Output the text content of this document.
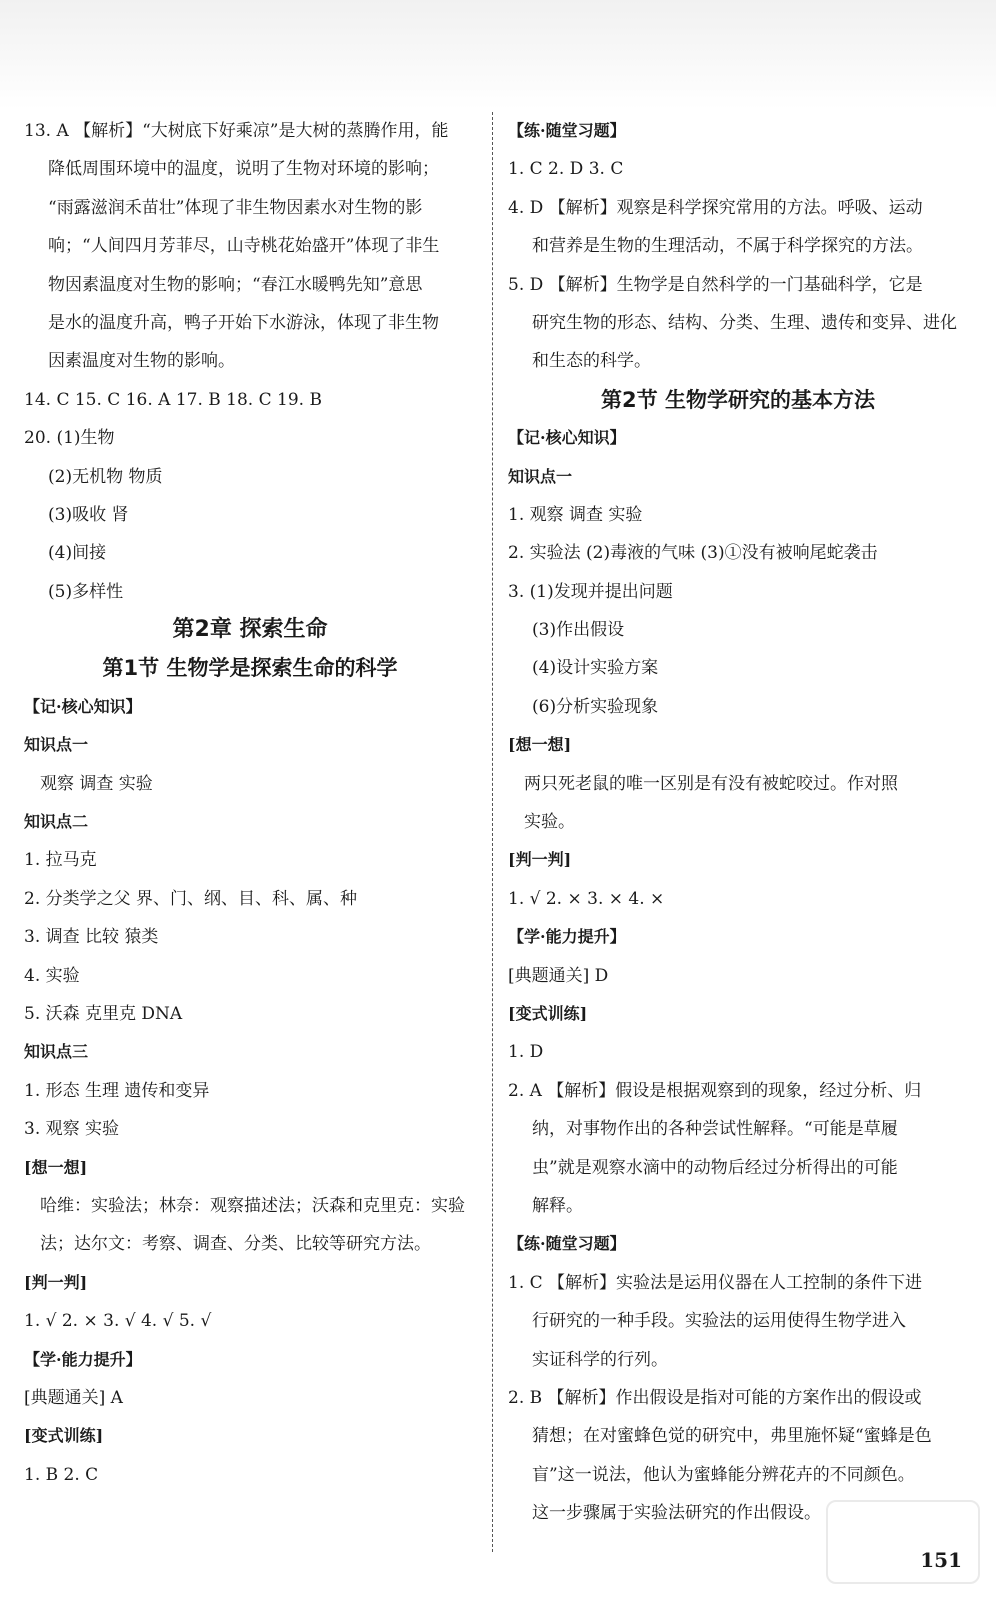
13. A 【解析】“大树底下好乘凉”是大树的蒸腾作用，能
降低周围环境中的温度，说明了生物对环境的影响；
“雨露滋润禾苗壮”体现了非生物因素水对生物的影
响；“人间四月芳菲尽，山寺桃花始盛开”体现了非生
物因素温度对生物的影响；“春江水暖鸭先知”意思
是水的温度升高，鸭子开始下水游泳，体现了非生物
因素温度对生物的影响。
14. C 15. C 16. A 17. B 18. C 19. B
20. (1)生物
(2)无机物 物质
(3)吸收 肾
(4)间接
(5)多样性
第2章 探索生命
第1节 生物学是探索生命的科学
【记·核心知识】
知识点一
观察 调查 实验
知识点二
1. 拉马克
2. 分类学之父 界、门、纲、目、科、属、种
3. 调查 比较 猿类
4. 实验
5. 沃森 克里克 DNA
知识点三
1. 形态 生理 遗传和变异
3. 观察 实验
[想一想]
哈维：实验法；林奈：观察描述法；沃森和克里克：实验
法；达尔文：考察、调查、分类、比较等研究方法。
[判一判]
1. √ 2. × 3. √ 4. √ 5. √
【学·能力提升】
[典题通关] A
[变式训练]
1. B 2. C
【练·随堂习题】
1. C 2. D 3. C
4. D 【解析】观察是科学探究常用的方法。呼吸、运动
和营养是生物的生理活动，不属于科学探究的方法。
5. D 【解析】生物学是自然科学的一门基础科学，它是
研究生物的形态、结构、分类、生理、遗传和变异、进化
和生态的科学。
第2节 生物学研究的基本方法
【记·核心知识】
知识点一
1. 观察 调查 实验
2. 实验法 (2)毒液的气味 (3)①没有被响尾蛇袭击
3. (1)发现并提出问题
(3)作出假设
(4)设计实验方案
(6)分析实验现象
[想一想]
两只死老鼠的唯一区别是有没有被蛇咬过。作对照
实验。
[判一判]
1. √ 2. × 3. × 4. ×
【学·能力提升】
[典题通关] D
[变式训练]
1. D
2. A 【解析】假设是根据观察到的现象，经过分析、归
纳，对事物作出的各种尝试性解释。“可能是草履
虫”就是观察水滴中的动物后经过分析得出的可能
解释。
【练·随堂习题】
1. C 【解析】实验法是运用仪器在人工控制的条件下进
行研究的一种手段。实验法的运用使得生物学进入
实证科学的行列。
2. B 【解析】作出假设是指对可能的方案作出的假设或
猜想；在对蜜蜂色觉的研究中，弗里施怀疑“蜜蜂是色
盲”这一说法，他认为蜜蜂能分辨花卉的不同颜色。
这一步骤属于实验法研究的作出假设。
151
